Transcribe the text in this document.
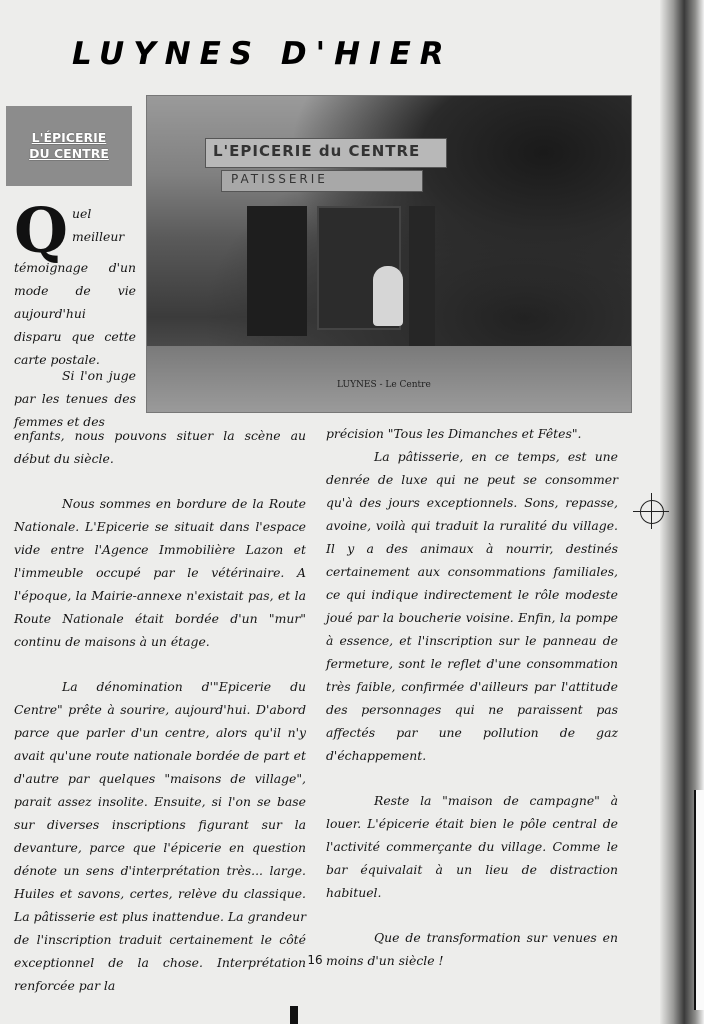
LUYNES D'HIER
L'ÉPICERIE
DU CENTRE	L'EPICERIE du CENTRE
PATISSERIE
LUYNES - Le Centre
Q uel meilleur témoignage d'un mode de vie aujourd'hui disparu que cette carte postale.

Si l'on juge par les tenues des femmes et des

enfants, nous pouvons situer la scène au début du siècle.

Nous sommes en bordure de la Route Nationale. L'Epicerie se situait dans l'espace vide entre l'Agence Immobilière Lazon et l'immeuble occupé par le vétérinaire. A l'époque, la Mairie-annexe n'existait pas, et la Route Nationale était bordée d'un "mur" continu de maisons à un étage.

La dénomination d'"Epicerie du Centre" prête à sourire, aujourd'hui. D'abord parce que parler d'un centre, alors qu'il n'y avait qu'une route nationale bordée de part et d'autre par quelques "maisons de village", parait assez insolite. Ensuite, si l'on se base sur diverses inscriptions figurant sur la devanture, parce que l'épicerie en question dénote un sens d'interprétation très... large. Huiles et savons, certes, relève du classique. La pâtisserie est plus inattendue. La grandeur de l'inscription traduit certainement le côté exceptionnel de la chose. Interprétation renforcée par la

précision "Tous les Dimanches et Fêtes".

La pâtisserie, en ce temps, est une denrée de luxe qui ne peut se consommer qu'à des jours exceptionnels. Sons, repasse, avoine, voilà qui traduit la ruralité du village. Il y a des animaux à nourrir, destinés certainement aux consommations familiales, ce qui indique indirectement le rôle modeste joué par la boucherie voisine. Enfin, la pompe à essence, et l'inscription sur le panneau de fermeture, sont le reflet d'une consommation très faible, confirmée d'ailleurs par l'attitude des personnages qui ne paraissent pas affectés par une pollution de gaz d'échappement.

Reste la "maison de campagne" à louer. L'épicerie était bien le pôle central de l'activité commerçante du village. Comme le bar équivalait à un lieu de distraction habituel.

Que de transformation sur venues en moins d'un siècle !

16
